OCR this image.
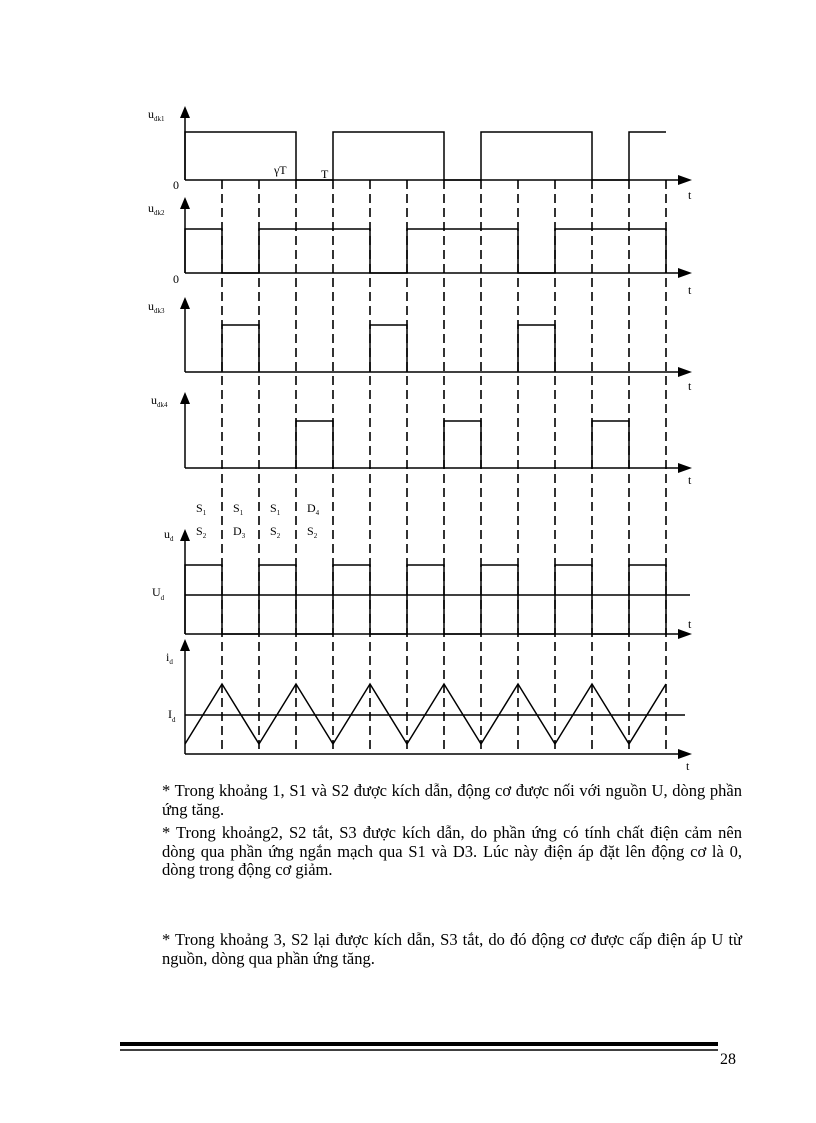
$u_{dk1}$
0
t
γT	T
$u_{dk2}$
0
t
$u_{dk3}$
t
$u_{dk4}$
t
$u_d$
$U_d$
t
$i_d$
$I_d$
t
$S_1$
$S_2$
$S_1$
$D_3$
$S_1$
$S_2$
$D_4$
$S_2$
* Trong khoảng 1, S1 và S2 được kích dẫn, động cơ được nối với nguồn U, dòng phần ứng tăng.
* Trong khoảng2, S2 tắt, S3 được kích dẫn, do phần ứng có tính chất điện cảm nên dòng qua phần ứng ngắn mạch qua S1 và D3. Lúc này điện áp đặt lên động cơ là 0, dòng trong động cơ giảm.
* Trong khoảng 3, S2 lại được kích dẫn, S3 tắt, do đó động cơ được cấp điện áp U từ nguồn, dòng qua phần ứng tăng.
28
